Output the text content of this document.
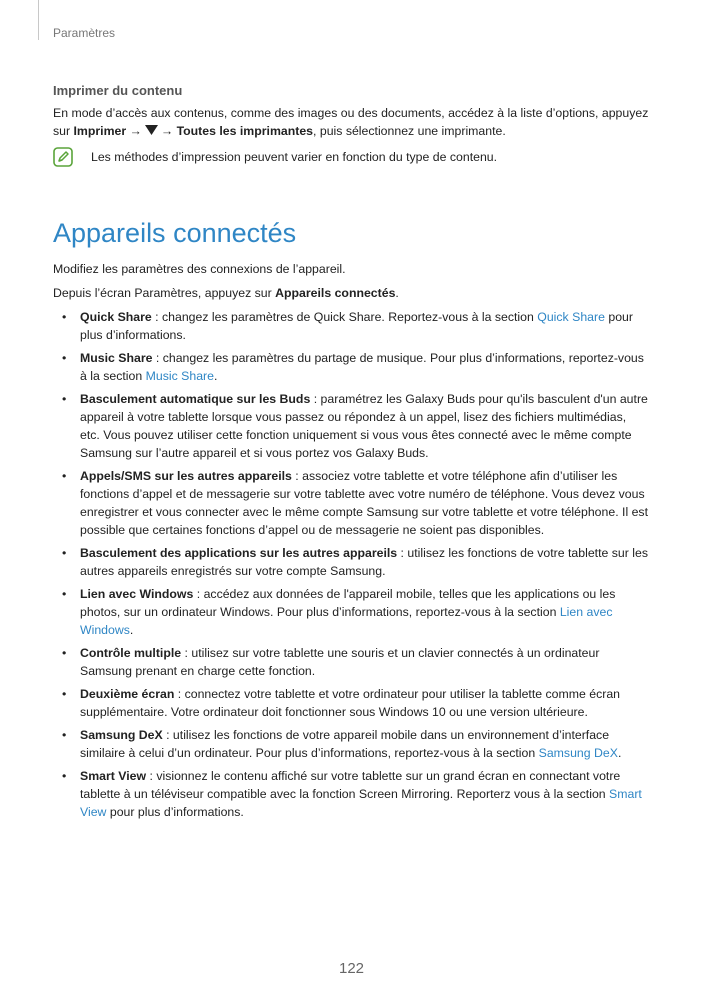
Paramètres
Imprimer du contenu

En mode d’accès aux contenus, comme des images ou des documents, accédez à la liste d’options, appuyez sur Imprimer → → Toutes les imprimantes, puis sélectionnez une imprimante.

Les méthodes d’impression peuvent varier en fonction du type de contenu.
Appareils connectés

Modifiez les paramètres des connexions de l’appareil.

Depuis l’écran Paramètres, appuyez sur Appareils connectés.

• Quick Share : changez les paramètres de Quick Share. Reportez-vous à la section Quick Share pour plus d’informations.
• Music Share : changez les paramètres du partage de musique. Pour plus d’informations, reportez-vous à la section Music Share.
• Basculement automatique sur les Buds : paramétrez les Galaxy Buds pour qu'ils basculent d'un autre appareil à votre tablette lorsque vous passez ou répondez à un appel, lisez des fichiers multimédias, etc. Vous pouvez utiliser cette fonction uniquement si vous vous êtes connecté avec le même compte Samsung sur l’autre appareil et si vous portez vos Galaxy Buds.
• Appels/SMS sur les autres appareils : associez votre tablette et votre téléphone afin d’utiliser les fonctions d’appel et de messagerie sur votre tablette avec votre numéro de téléphone. Vous devez vous enregistrer et vous connecter avec le même compte Samsung sur votre tablette et votre téléphone. Il est possible que certaines fonctions d’appel ou de messagerie ne soient pas disponibles.
• Basculement des applications sur les autres appareils : utilisez les fonctions de votre tablette sur les autres appareils enregistrés sur votre compte Samsung.
• Lien avec Windows : accédez aux données de l'appareil mobile, telles que les applications ou les photos, sur un ordinateur Windows. Pour plus d’informations, reportez-vous à la section Lien avec Windows.
• Contrôle multiple : utilisez sur votre tablette une souris et un clavier connectés à un ordinateur Samsung prenant en charge cette fonction.
• Deuxième écran : connectez votre tablette et votre ordinateur pour utiliser la tablette comme écran supplémentaire. Votre ordinateur doit fonctionner sous Windows 10 ou une version ultérieure.
• Samsung DeX : utilisez les fonctions de votre appareil mobile dans un environnement d’interface similaire à celui d’un ordinateur. Pour plus d’informations, reportez-vous à la section Samsung DeX.
• Smart View : visionnez le contenu affiché sur votre tablette sur un grand écran en connectant votre tablette à un téléviseur compatible avec la fonction Screen Mirroring. Reporterz vous à la section Smart View pour plus d’informations.
122
